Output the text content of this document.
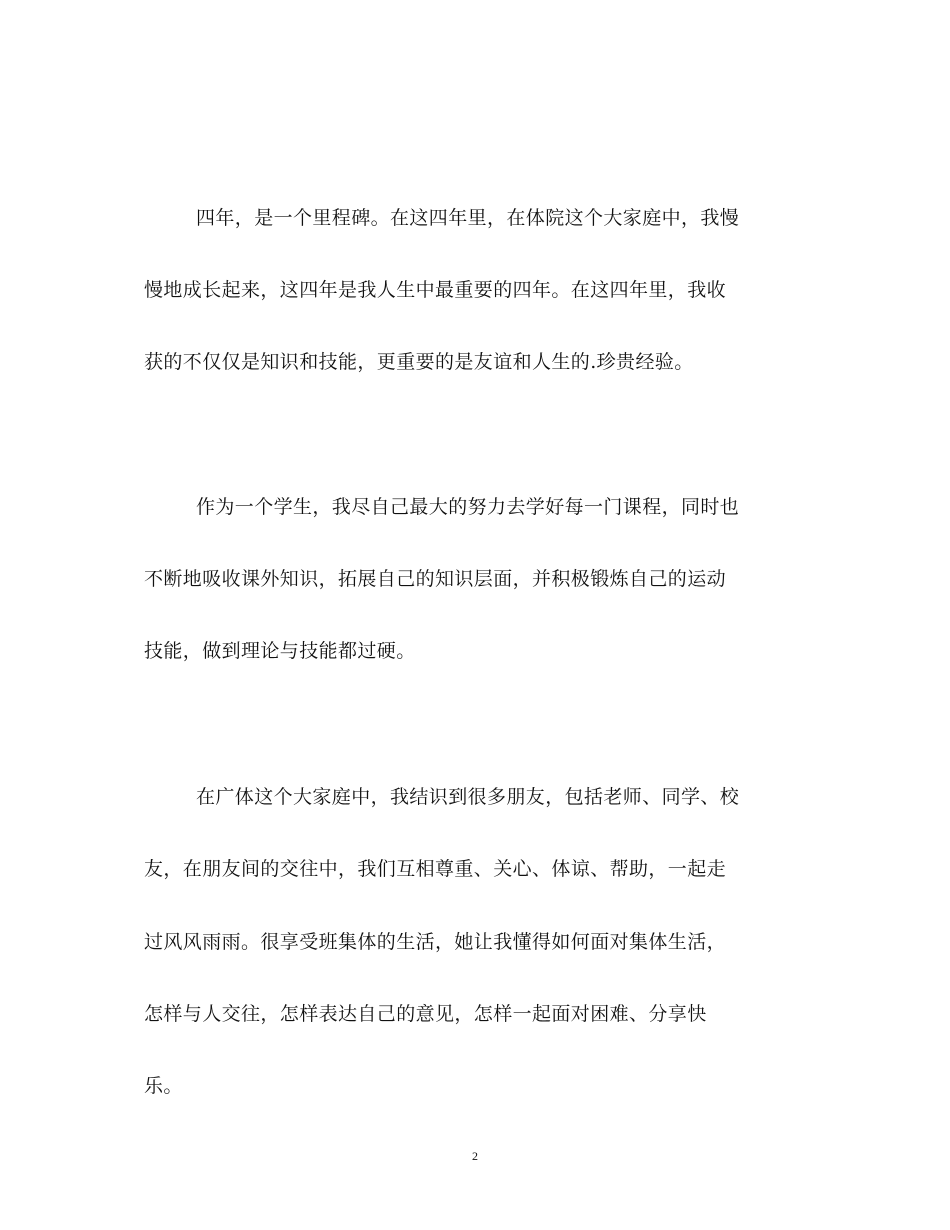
四年，是一个里程碑。在这四年里，在体院这个大家庭中，我慢
慢地成长起来，这四年是我人生中最重要的四年。在这四年里，我收
获的不仅仅是知识和技能，更重要的是友谊和人生的.珍贵经验。
作为一个学生，我尽自己最大的努力去学好每一门课程，同时也
不断地吸收课外知识，拓展自己的知识层面，并积极锻炼自己的运动
技能，做到理论与技能都过硬。
在广体这个大家庭中，我结识到很多朋友，包括老师、同学、校
友，在朋友间的交往中，我们互相尊重、关心、体谅、帮助，一起走
过风风雨雨。很享受班集体的生活，她让我懂得如何面对集体生活，
怎样与人交往，怎样表达自己的意见，怎样一起面对困难、分享快
乐。
2
